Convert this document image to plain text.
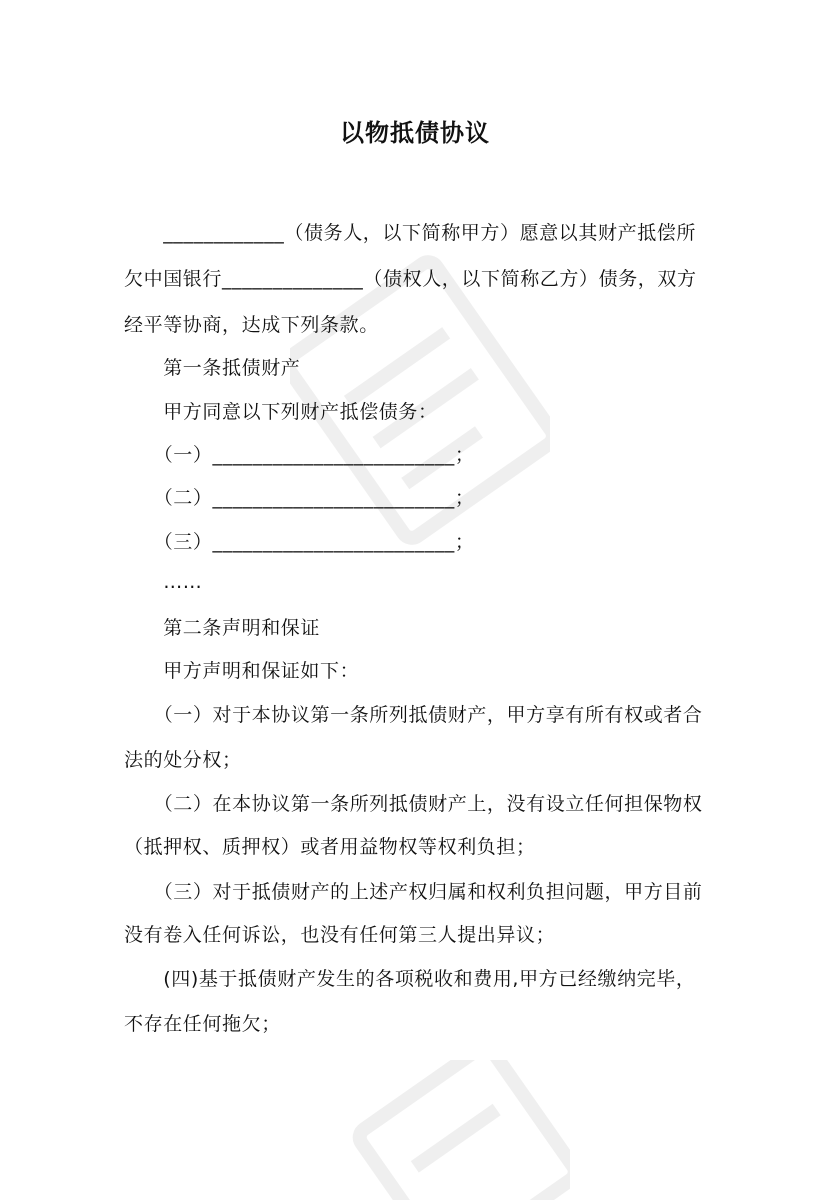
以物抵债协议
　　____________（债务人，以下简称甲方）愿意以其财产抵偿所
欠中国银行______________（债权人，以下简称乙方）债务，双方
经平等协商，达成下列条款。
　　第一条抵债财产
　　甲方同意以下列财产抵偿债务：
　　（一）________________________；
　　（二）________________________；
　　（三）________________________；
　　……
　　第二条声明和保证
　　甲方声明和保证如下：
　　（一）对于本协议第一条所列抵债财产，甲方享有所有权或者合
法的处分权；
　　（二）在本协议第一条所列抵债财产上，没有设立任何担保物权
（抵押权、质押权）或者用益物权等权利负担；
　　（三）对于抵债财产的上述产权归属和权利负担问题，甲方目前
没有卷入任何诉讼，也没有任何第三人提出异议；
　　(四)基于抵债财产发生的各项税收和费用,甲方已经缴纳完毕，
不存在任何拖欠；
